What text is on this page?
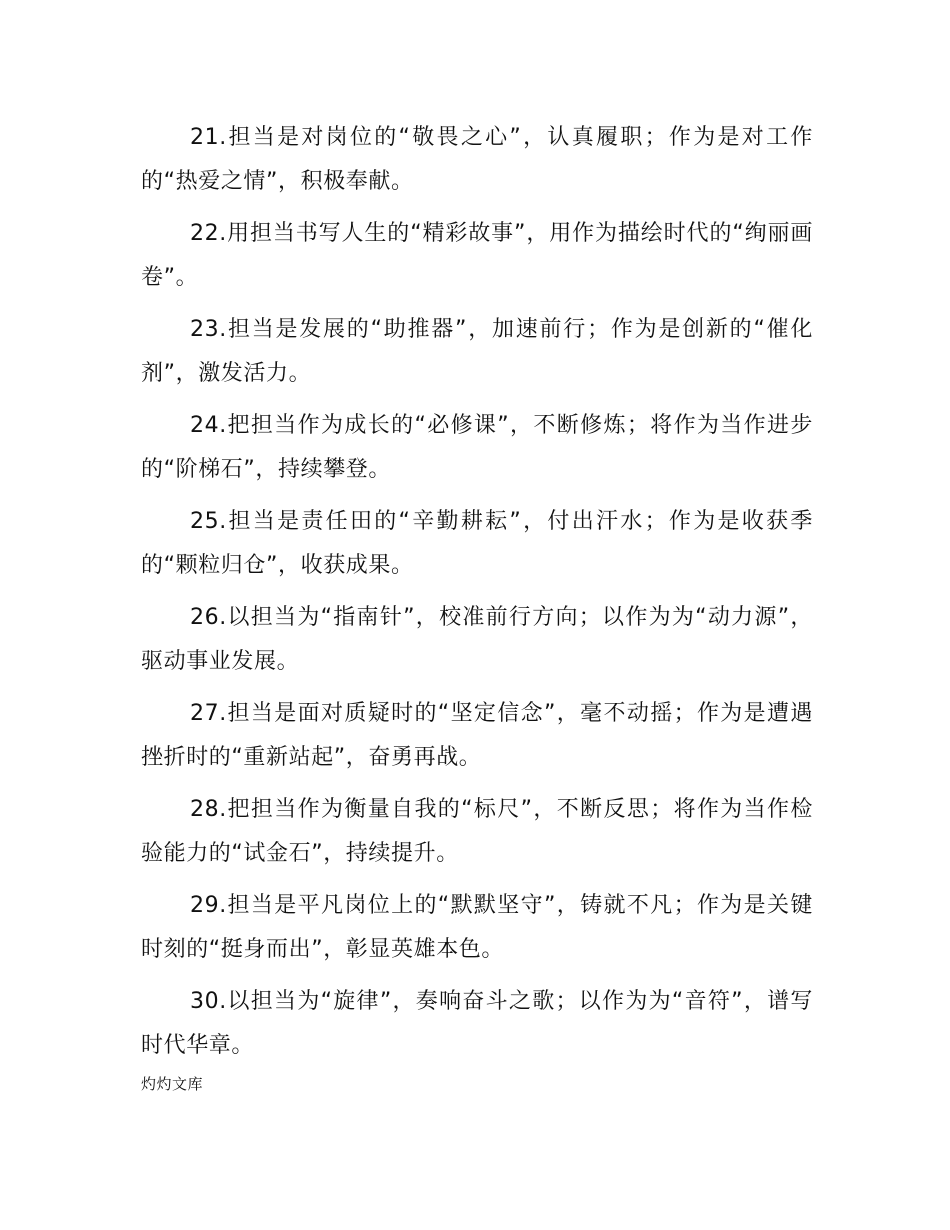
21.担当是对岗位的“敬畏之心”，认真履职；作为是对工作的“热爱之情”，积极奉献。

22.用担当书写人生的“精彩故事”，用作为描绘时代的“绚丽画卷”。

23.担当是发展的“助推器”，加速前行；作为是创新的“催化剂”，激发活力。

24.把担当作为成长的“必修课”，不断修炼；将作为当作进步的“阶梯石”，持续攀登。

25.担当是责任田的“辛勤耕耘”，付出汗水；作为是收获季的“颗粒归仓”，收获成果。

26.以担当为“指南针”，校准前行方向；以作为为“动力源”，驱动事业发展。

27.担当是面对质疑时的“坚定信念”，毫不动摇；作为是遭遇挫折时的“重新站起”，奋勇再战。

28.把担当作为衡量自我的“标尺”，不断反思；将作为当作检验能力的“试金石”，持续提升。

29.担当是平凡岗位上的“默默坚守”，铸就不凡；作为是关键时刻的“挺身而出”，彰显英雄本色。

30.以担当为“旋律”，奏响奋斗之歌；以作为为“音符”，谱写时代华章。

灼灼文库
